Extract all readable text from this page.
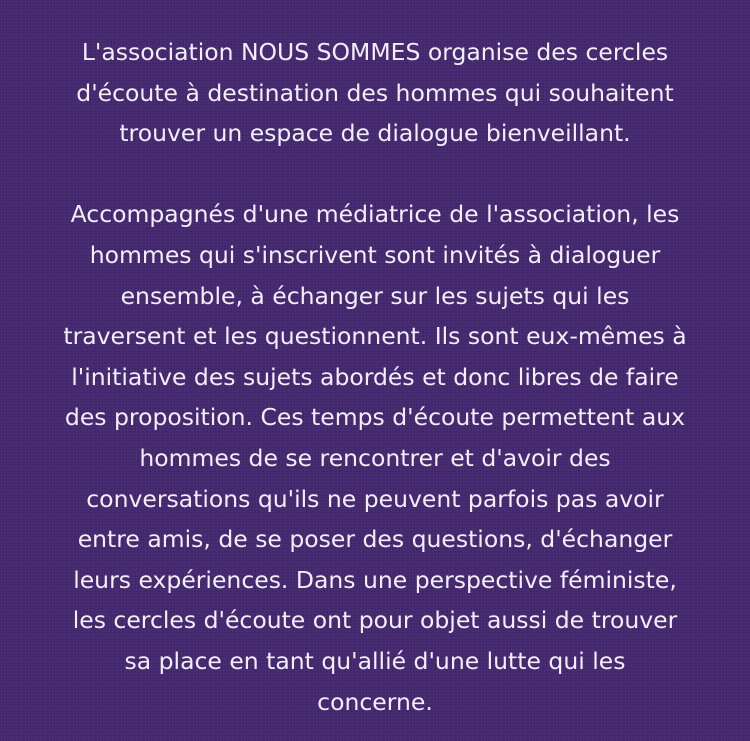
L'association NOUS SOMMES organise des cercles
d'écoute à destination des hommes qui souhaitent
trouver un espace de dialogue bienveillant.
Accompagnés d'une médiatrice de l'association, les
hommes qui s'inscrivent sont invités à dialoguer
ensemble, à échanger sur les sujets qui les
traversent et les questionnent. Ils sont eux-mêmes à
l'initiative des sujets abordés et donc libres de faire
des proposition. Ces temps d'écoute permettent aux
hommes de se rencontrer et d'avoir des
conversations qu'ils ne peuvent parfois pas avoir
entre amis, de se poser des questions, d'échanger
leurs expériences. Dans une perspective féministe,
les cercles d'écoute ont pour objet aussi de trouver
sa place en tant qu'allié d'une lutte qui les
concerne.
